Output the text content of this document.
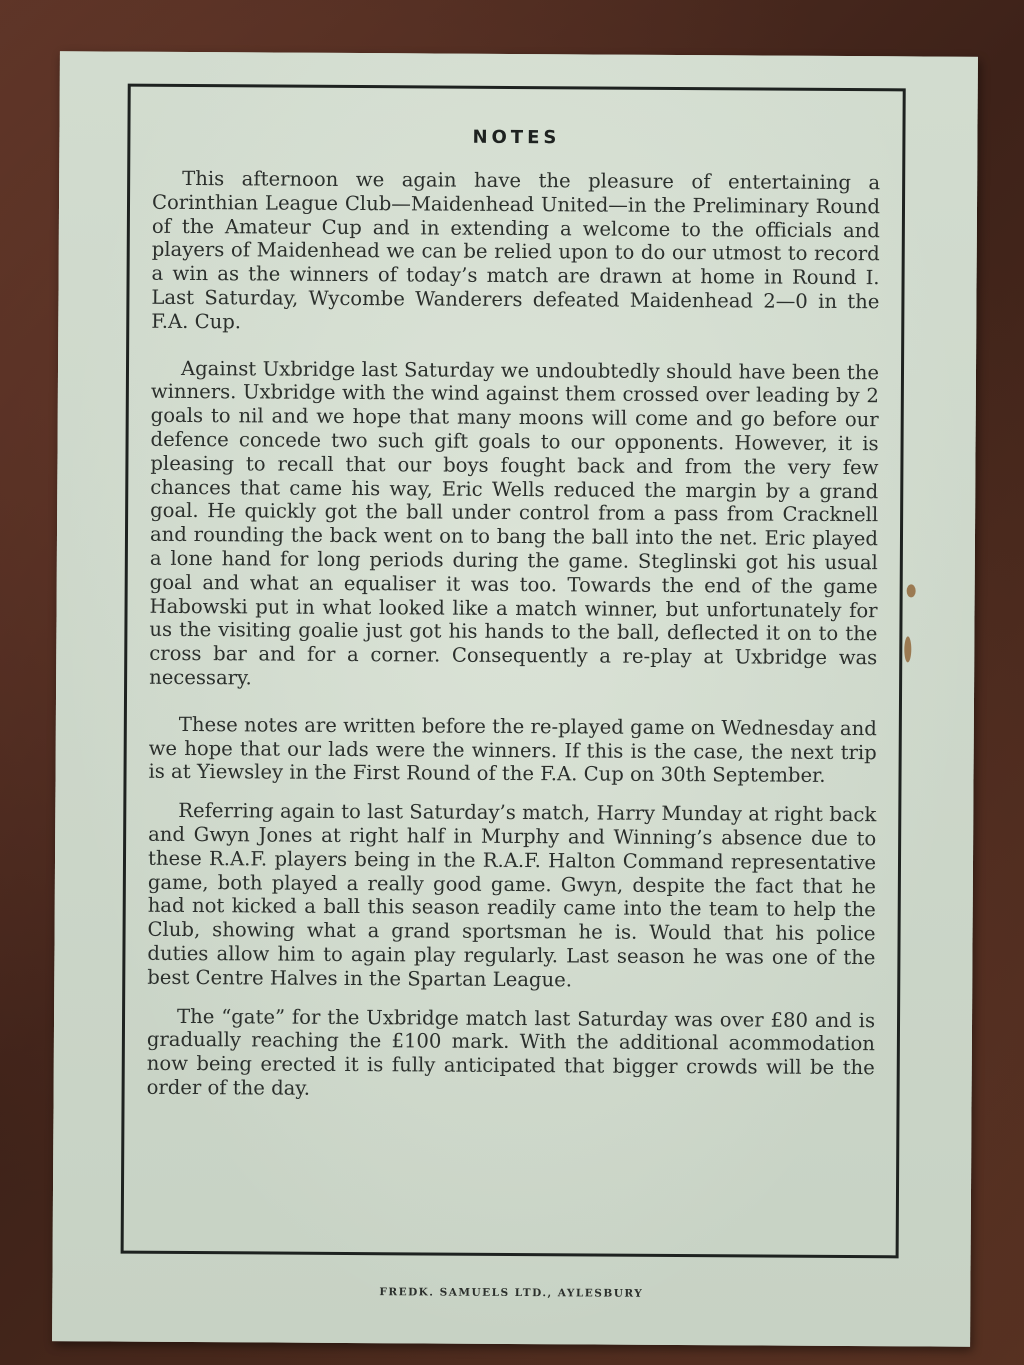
NOTES

This afternoon we again have the pleasure of entertaining a Corinthian League Club—Maidenhead United—in the Preliminary Round of the Amateur Cup and in extending a welcome to the officials and players of Maidenhead we can be relied upon to do our utmost to record a win as the winners of today’s match are drawn at home in Round I. Last Saturday, Wycombe Wanderers defeated Maidenhead 2—0 in the F.A. Cup.

Against Uxbridge last Saturday we undoubtedly should have been the winners. Uxbridge with the wind against them crossed over leading by 2 goals to nil and we hope that many moons will come and go before our defence concede two such gift goals to our opponents. However, it is pleasing to recall that our boys fought back and from the very few chances that came his way, Eric Wells reduced the margin by a grand goal. He quickly got the ball under control from a pass from Cracknell and rounding the back went on to bang the ball into the net. Eric played a lone hand for long periods during the game. Steglinski got his usual goal and what an equaliser it was too. Towards the end of the game Habowski put in what looked like a match winner, but unfortunately for us the visiting goalie just got his hands to the ball, deflected it on to the cross bar and for a corner. Consequently a re-play at Uxbridge was necessary.

These notes are written before the re-played game on Wednesday and we hope that our lads were the winners. If this is the case, the next trip is at Yiewsley in the First Round of the F.A. Cup on 30th September.

Referring again to last Saturday’s match, Harry Munday at right back and Gwyn Jones at right half in Murphy and Winning’s absence due to these R.A.F. players being in the R.A.F. Halton Command representative game, both played a really good game. Gwyn, despite the fact that he had not kicked a ball this season readily came into the team to help the Club, showing what a grand sportsman he is. Would that his police duties allow him to again play regularly. Last season he was one of the best Centre Halves in the Spartan League.

The “gate” for the Uxbridge match last Saturday was over £80 and is gradually reaching the £100 mark. With the additional acommodation now being erected it is fully anticipated that bigger crowds will be the order of the day.

FREDK. SAMUELS LTD., AYLESBURY
